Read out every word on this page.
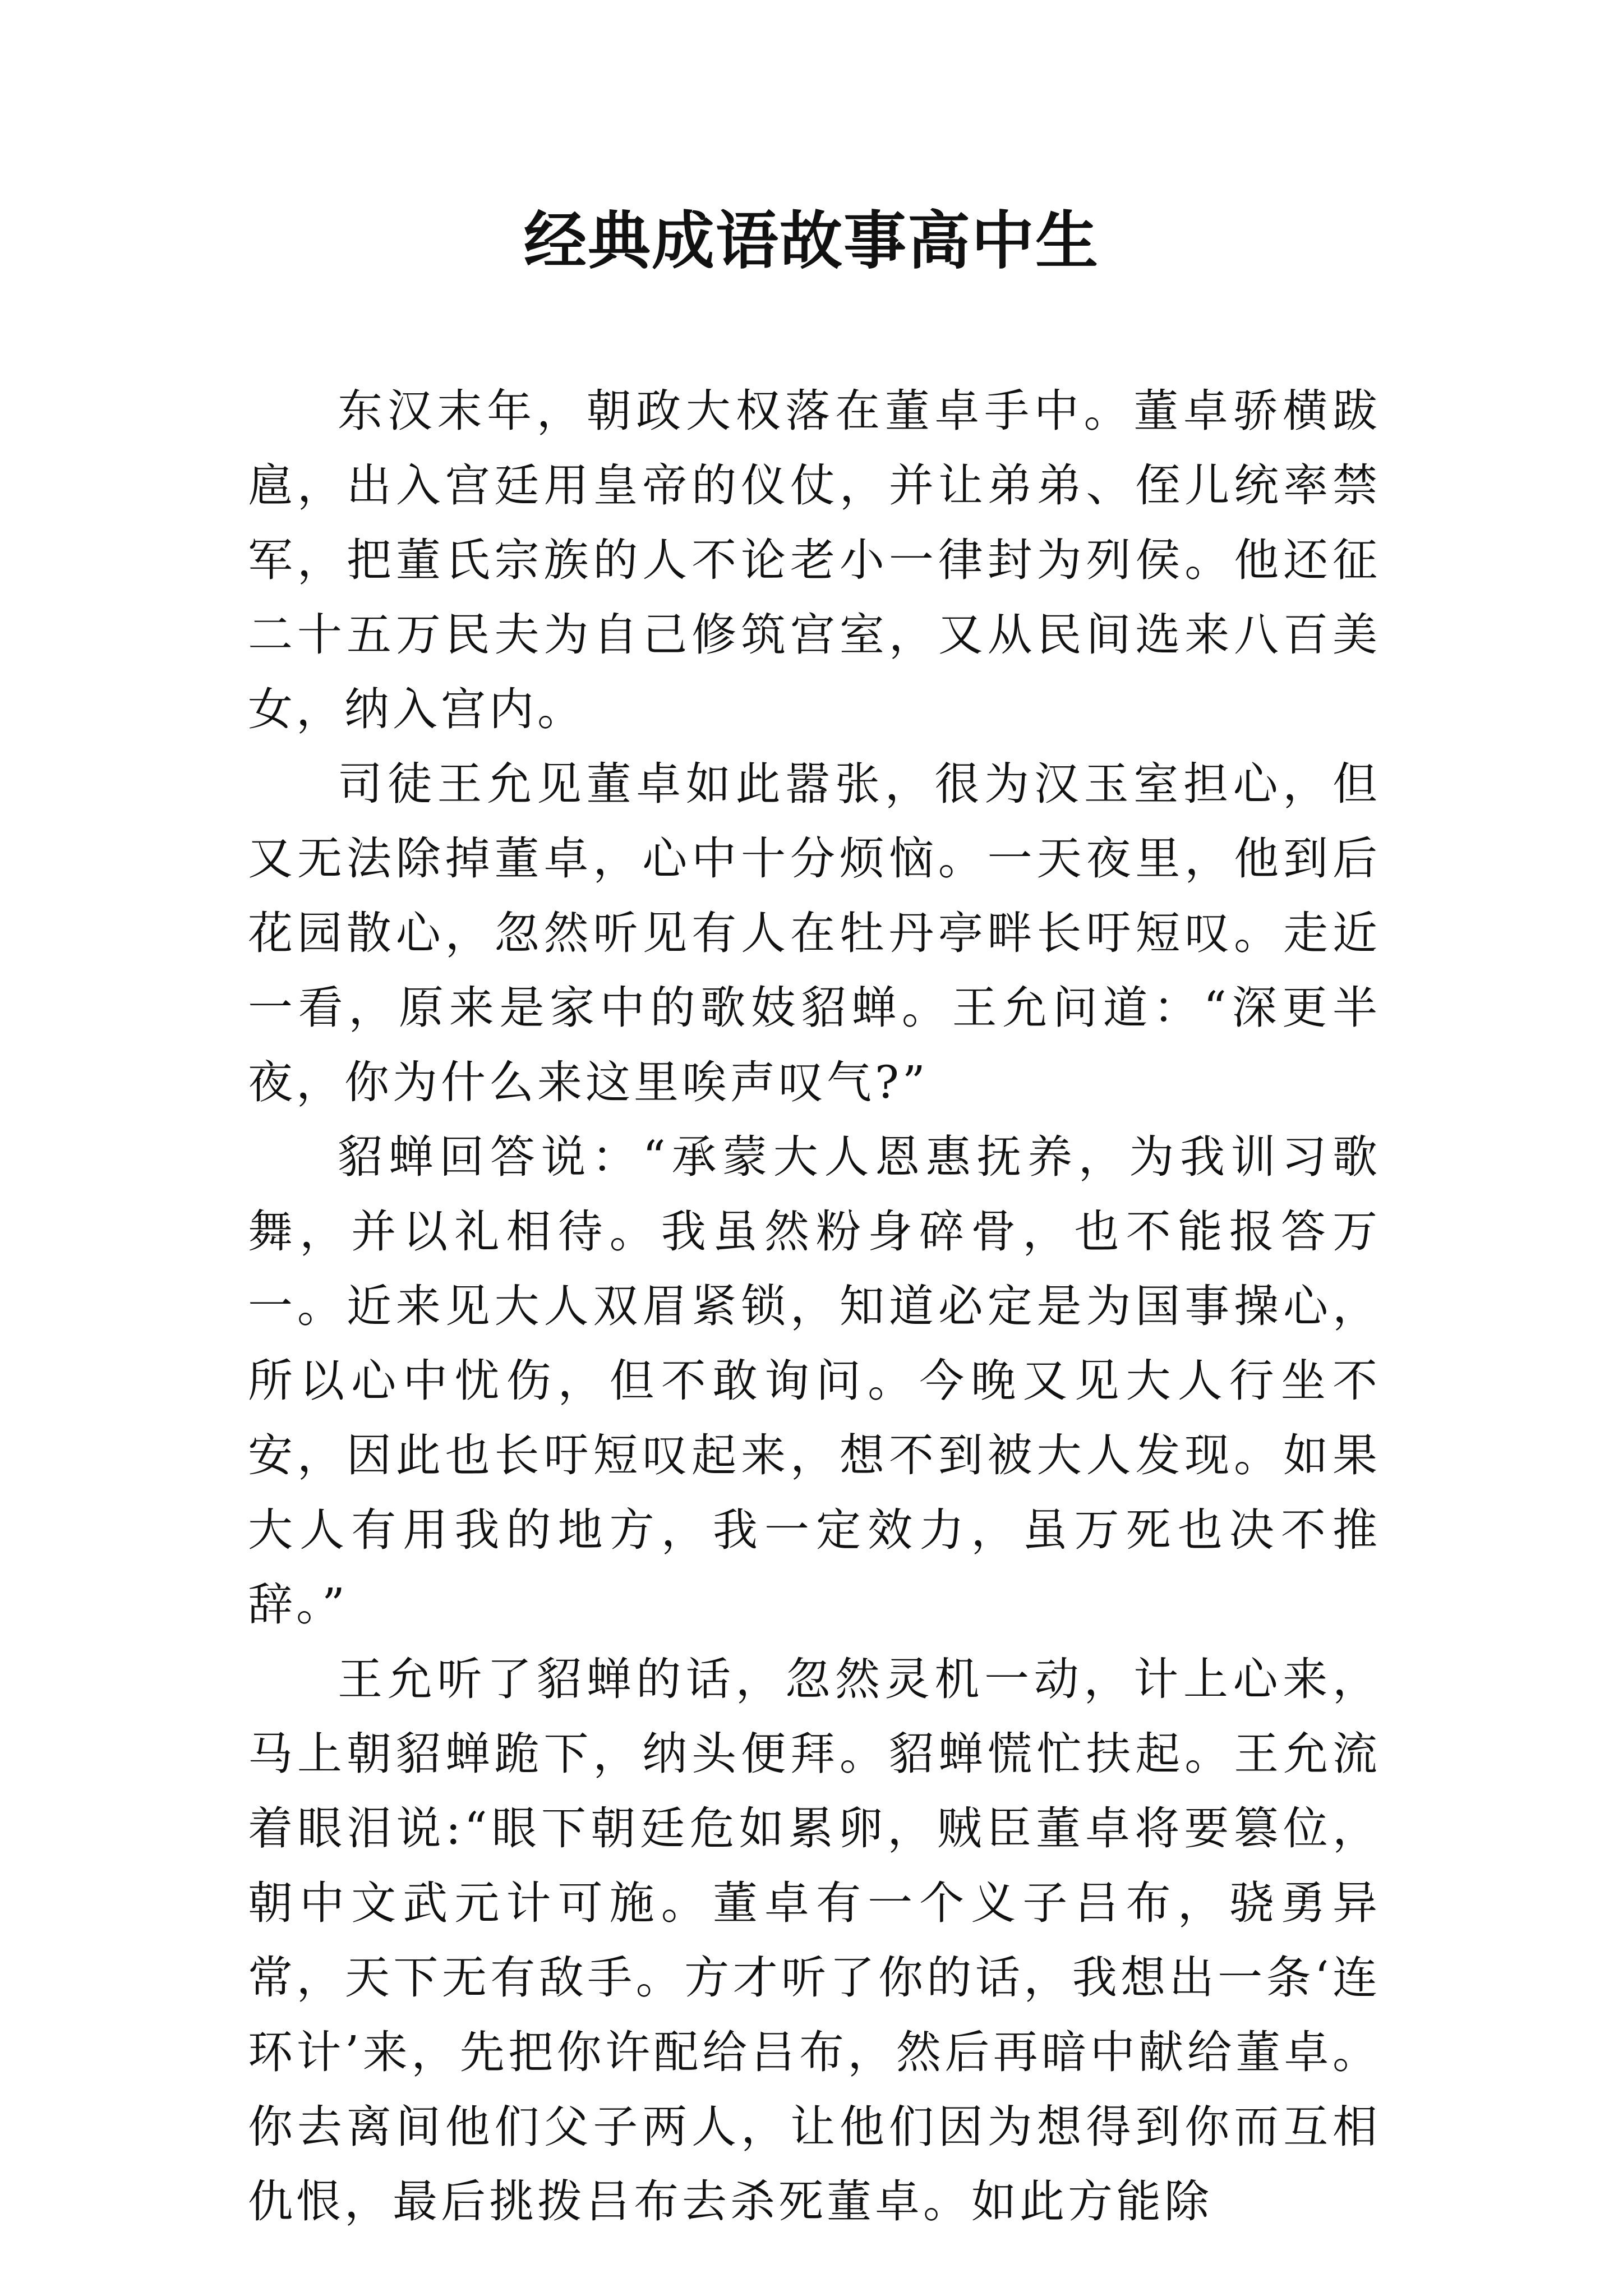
经典成语故事高中生

东汉末年，朝政大权落在董卓手中。董卓骄横跋扈，出入宫廷用皇帝的仪仗，并让弟弟、侄儿统率禁军，把董氏宗族的人不论老小一律封为列侯。他还征二十五万民夫为自己修筑宫室，又从民间选来八百美女，纳入宫内。

司徒王允见董卓如此嚣张，很为汉玉室担心，但又无法除掉董卓，心中十分烦恼。一天夜里，他到后花园散心，忽然听见有人在牡丹亭畔长吁短叹。走近一看，原来是家中的歌妓貂蝉。王允问道：“深更半夜，你为什么来这里唉声叹气?”

貂蝉回答说：“承蒙大人恩惠抚养，为我训习歌舞，并以礼相待。我虽然粉身碎骨，也不能报答万一。近来见大人双眉紧锁，知道必定是为国事操心，所以心中忧伤，但不敢询问。今晚又见大人行坐不安，因此也长吁短叹起来，想不到被大人发现。如果大人有用我的地方，我一定效力，虽万死也决不推辞。”

王允听了貂蝉的话，忽然灵机一动，计上心来，马上朝貂蝉跪下，纳头便拜。貂蝉慌忙扶起。王允流着眼泪说:“眼下朝廷危如累卵，贼臣董卓将要篡位，朝中文武元计可施。董卓有一个义子吕布，骁勇异常，天下无有敌手。方才听了你的话，我想出一条‘连环计’来，先把你许配给吕布，然后再暗中献给董卓。你去离间他们父子两人，让他们因为想得到你而互相仇恨，最后挑拨吕布去杀死董卓。如此方能除
